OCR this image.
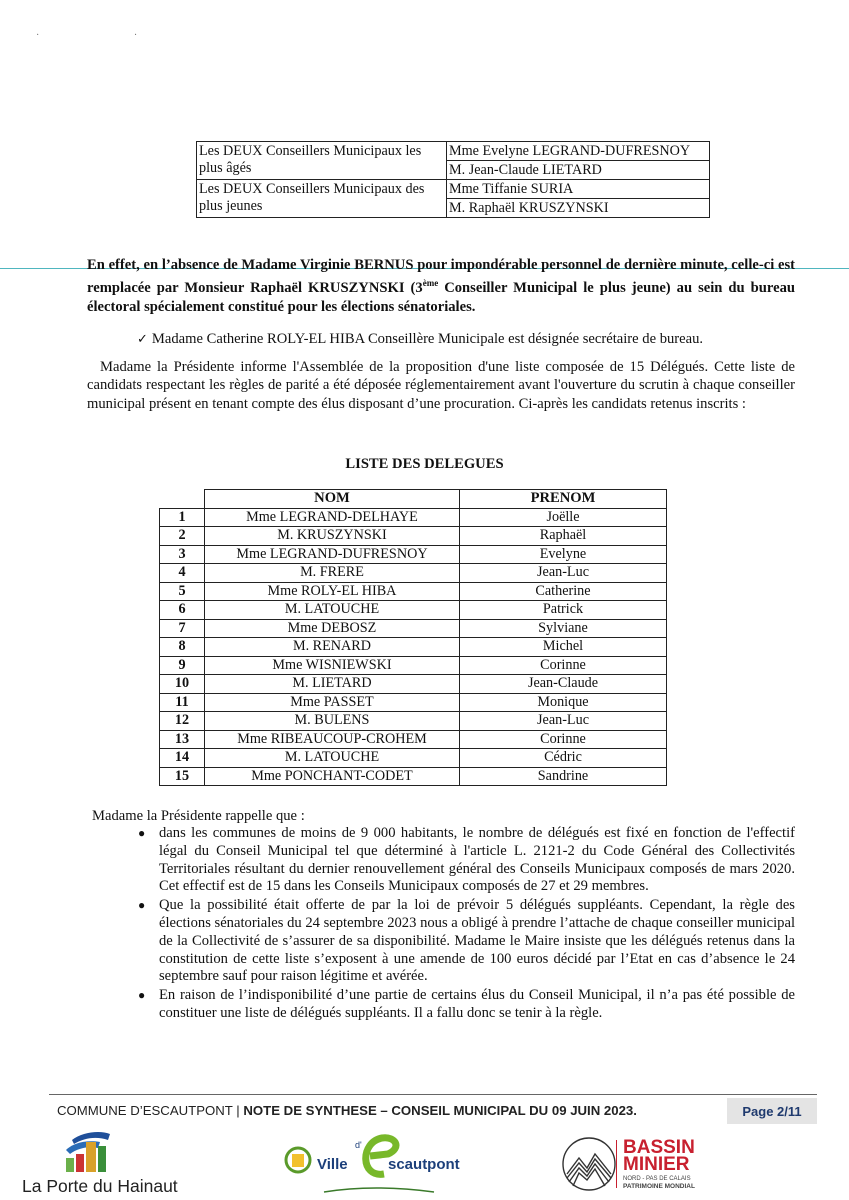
· ·
Les DEUX Conseillers Municipaux les plus âgés	Mme Evelyne LEGRAND-DUFRESNOY
	M. Jean-Claude LIETARD
Les DEUX Conseillers Municipaux des plus jeunes	Mme Tiffanie SURIA
	M. Raphaël KRUSZYNSKI
En effet, en l’absence de Madame Virginie BERNUS pour impondérable personnel de dernière minute, celle-ci est remplacée par Monsieur Raphaël KRUSZYNSKI (3ème Conseiller Municipal le plus jeune) au sein du bureau électoral spécialement constitué pour les élections sénatoriales.
✓ Madame Catherine ROLY-EL HIBA Conseillère Municipale est désignée secrétaire de bureau.
Madame la Présidente informe l'Assemblée de la proposition d'une liste composée de 15 Délégués. Cette liste de candidats respectant les règles de parité a été déposée réglementairement avant l'ouverture du scrutin à chaque conseiller municipal présent en tenant compte des élus disposant d’une procuration. Ci-après les candidats retenus inscrits :
LISTE DES DELEGUES
	NOM	PRENOM
1	Mme LEGRAND-DELHAYE	Joëlle
2	M. KRUSZYNSKI	Raphaël
3	Mme LEGRAND-DUFRESNOY	Evelyne
4	M. FRERE	Jean-Luc
5	Mme ROLY-EL HIBA	Catherine
6	M. LATOUCHE	Patrick
7	Mme DEBOSZ	Sylviane
8	M. RENARD	Michel
9	Mme WISNIEWSKI	Corinne
10	M. LIETARD	Jean-Claude
11	Mme PASSET	Monique
12	M. BULENS	Jean-Luc
13	Mme RIBEAUCOUP-CROHEM	Corinne
14	M. LATOUCHE	Cédric
15	Mme PONCHANT-CODET	Sandrine
Madame la Présidente rappelle que :
● dans les communes de moins de 9 000 habitants, le nombre de délégués est fixé en fonction de l'effectif légal du Conseil Municipal tel que déterminé à l'article L. 2121-2 du Code Général des Collectivités Territoriales résultant du dernier renouvellement général des Conseils Municipaux composés de mars 2020. Cet effectif est de 15 dans les Conseils Municipaux composés de 27 et 29 membres.
● Que la possibilité était offerte de par la loi de prévoir 5 délégués suppléants. Cependant, la règle des élections sénatoriales du 24 septembre 2023 nous a obligé à prendre l’attache de chaque conseiller municipal de la Collectivité de s’assurer de sa disponibilité. Madame le Maire insiste que les délégués retenus dans la constitution de cette liste s’exposent à une amende de 100 euros décidé par l’Etat en cas d’absence le 24 septembre sauf pour raison légitime et avérée.
● En raison de l’indisponibilité d’une partie de certains élus du Conseil Municipal, il n’a pas été possible de constituer une liste de délégués suppléants. Il a fallu donc se tenir à la règle.
COMMUNE D’ESCAUTPONT | NOTE DE SYNTHESE – CONSEIL MUNICIPAL DU 09 JUIN 2023.	Page 2/11
La Porte du Hainaut
Ville
d'
scautpont
BASSIN
MINIER
NORD - PAS DE CALAIS
PATRIMOINE MONDIAL
